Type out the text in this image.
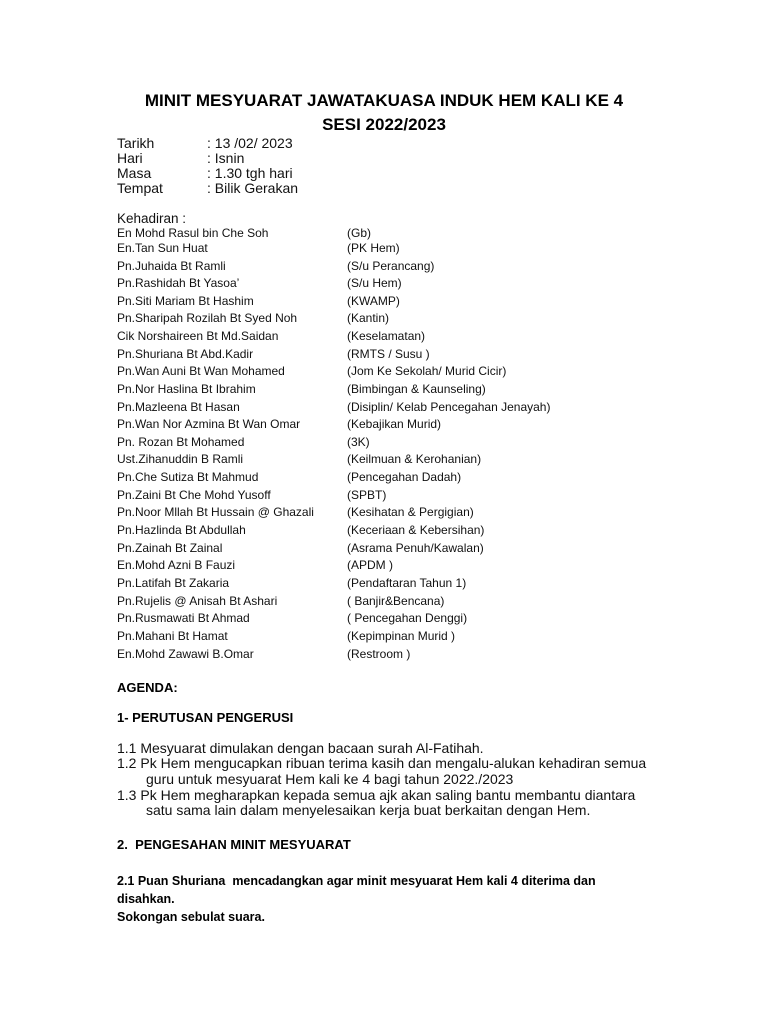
MINIT MESYUARAT JAWATAKUASA INDUK HEM KALI KE 4
SESI 2022/2023
Tarikh	: 13 /02/ 2023
Hari	: Isnin
Masa	: 1.30 tgh hari
Tempat	: Bilik Gerakan
Kehadiran :
En Mohd Rasul bin Che Soh	(Gb)
En.Tan Sun Huat	(PK Hem)
Pn.Juhaida Bt Ramli	(S/u Perancang)
Pn.Rashidah Bt Yasoa’	(S/u Hem)
Pn.Siti Mariam Bt Hashim	(KWAMP)
Pn.Sharipah Rozilah Bt Syed Noh	(Kantin)
Cik Norshaireen Bt Md.Saidan	(Keselamatan)
Pn.Shuriana Bt Abd.Kadir	(RMTS / Susu )
Pn.Wan Auni Bt Wan Mohamed	(Jom Ke Sekolah/ Murid Cicir)
Pn.Nor Haslina Bt Ibrahim	(Bimbingan & Kaunseling)
Pn.Mazleena Bt Hasan	(Disiplin/ Kelab Pencegahan Jenayah)
Pn.Wan Nor Azmina Bt Wan Omar	(Kebajikan Murid)
Pn. Rozan Bt Mohamed	(3K)
Ust.Zihanuddin B Ramli	(Keilmuan & Kerohanian)
Pn.Che Sutiza Bt Mahmud	(Pencegahan Dadah)
Pn.Zaini Bt Che Mohd Yusoff	(SPBT)
Pn.Noor Mllah Bt Hussain @ Ghazali	(Kesihatan & Pergigian)
Pn.Hazlinda Bt Abdullah	(Keceriaan & Kebersihan)
Pn.Zainah Bt Zainal	(Asrama Penuh/Kawalan)
En.Mohd Azni B Fauzi	(APDM )
Pn.Latifah Bt Zakaria	(Pendaftaran Tahun 1)
Pn.Rujelis @ Anisah Bt Ashari	( Banjir&Bencana)
Pn.Rusmawati Bt Ahmad	( Pencegahan Denggi)
Pn.Mahani Bt Hamat	(Kepimpinan Murid )
En.Mohd Zawawi B.Omar	(Restroom )
AGENDA:
1- PERUTUSAN PENGERUSI
1.1 Mesyuarat dimulakan dengan bacaan surah Al-Fatihah.
1.2 Pk Hem mengucapkan ribuan terima kasih dan mengalu-alukan kehadiran semua
guru untuk mesyuarat Hem kali ke 4 bagi tahun 2022./2023
1.3 Pk Hem megharapkan kepada semua ajk akan saling bantu membantu diantara
satu sama lain dalam menyelesaikan kerja buat berkaitan dengan Hem.
2.  PENGESAHAN MINIT MESYUARAT
2.1 Puan Shuriana  mencadangkan agar minit mesyuarat Hem kali 4 diterima dan
disahkan.
Sokongan sebulat suara.
